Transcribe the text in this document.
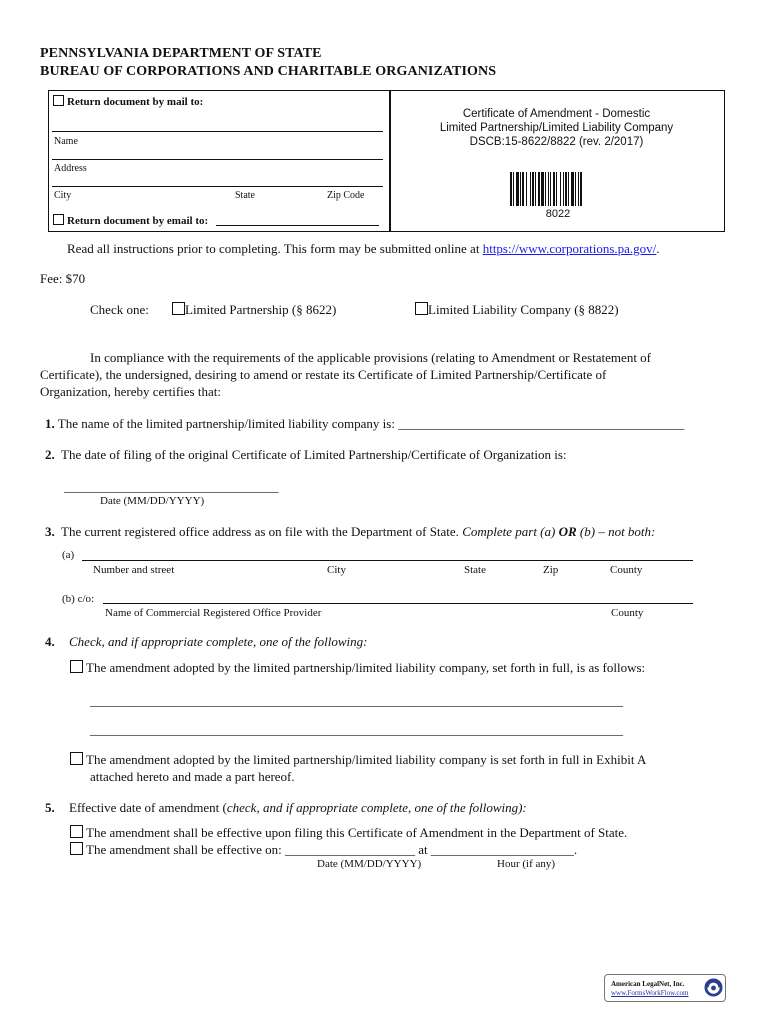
PENNSYLVANIA DEPARTMENT OF STATE
BUREAU OF CORPORATIONS AND CHARITABLE ORGANIZATIONS
Return document by mail to:
Name
Address
City	State	Zip Code
Return document by email to:
Certificate of Amendment - Domestic
Limited Partnership/Limited Liability Company
DSCB:15-8622/8822 (rev. 2/2017)
8022
Read all instructions prior to completing. This form may be submitted online at https://www.corporations.pa.gov/.
Fee: $70
Check one:	Limited Partnership (§ 8622)	Limited Liability Company (§ 8822)
In compliance with the requirements of the applicable provisions (relating to Amendment or Restatement of
Certificate), the undersigned, desiring to amend or restate its Certificate of Limited Partnership/Certificate of
Organization, hereby certifies that:
1. The name of the limited partnership/limited liability company is: ____________________________________________
2. The date of filing of the original Certificate of Limited Partnership/Certificate of Organization is:
_________________________________
Date (MM/DD/YYYY)
3. The current registered office address as on file with the Department of State. Complete part (a) OR (b) – not both:
(a)
Number and street	City	State	Zip	County
(b) c/o:
Name of Commercial Registered Office Provider	County
4. Check, and if appropriate complete, one of the following:
The amendment adopted by the limited partnership/limited liability company, set forth in full, is as follows:
__________________________________________________________________________________
__________________________________________________________________________________
The amendment adopted by the limited partnership/limited liability company is set forth in full in Exhibit A
attached hereto and made a part hereof.
5. Effective date of amendment (check, and if appropriate complete, one of the following):
The amendment shall be effective upon filing this Certificate of Amendment in the Department of State.
The amendment shall be effective on: ____________________ at ______________________.
Date (MM/DD/YYYY)	Hour (if any)
American LegalNet, Inc.
www.FormsWorkFlow.com
